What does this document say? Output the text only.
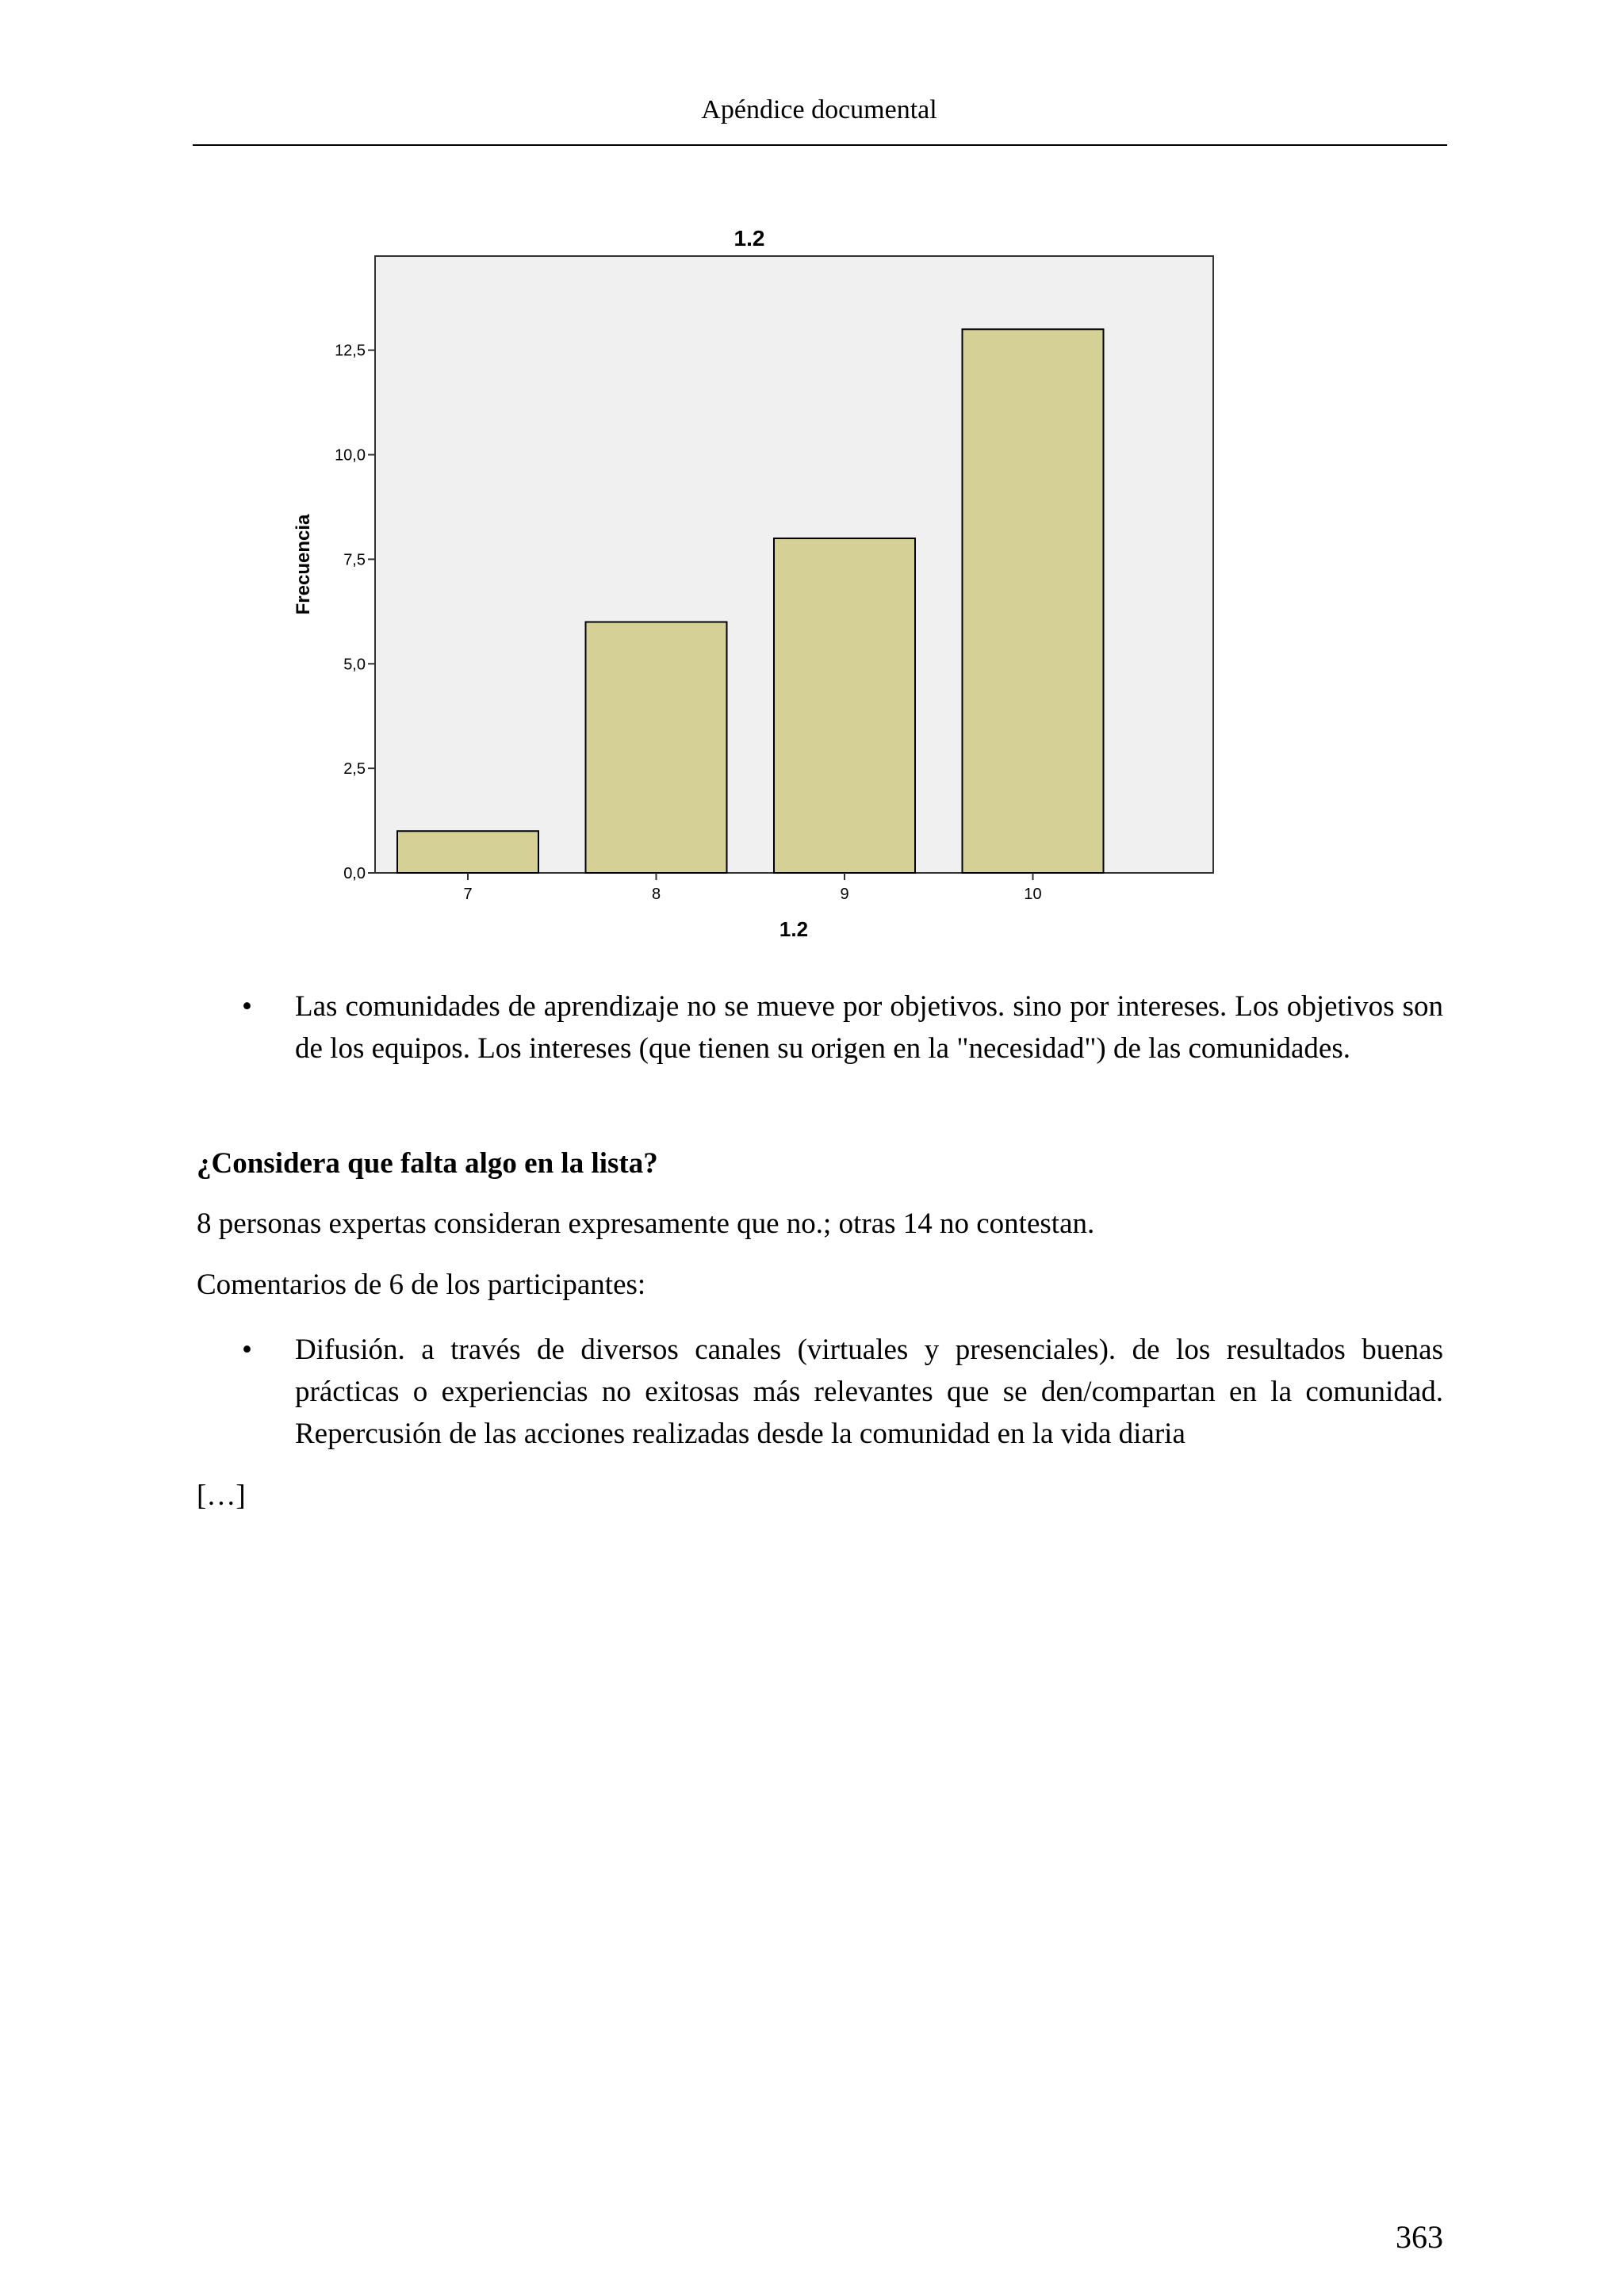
Apéndice documental
1.2
0,0
2,5
5,0
7,5
10,0
12,5
7	8	9	10
Frecuencia
1.2
• Las comunidades de aprendizaje no se mueve por objetivos. sino por intereses. Los objetivos son de los equipos. Los intereses (que tienen su origen en la "necesidad") de las comunidades.
¿Considera que falta algo en la lista?
8 personas expertas consideran expresamente que no.; otras 14 no contestan.
Comentarios de 6 de los participantes:
• Difusión. a través de diversos canales (virtuales y presenciales). de los resultados buenas prácticas o experiencias no exitosas más relevantes que se den/compartan en la comunidad. Repercusión de las acciones realizadas desde la comunidad en la vida diaria
[…]
363
